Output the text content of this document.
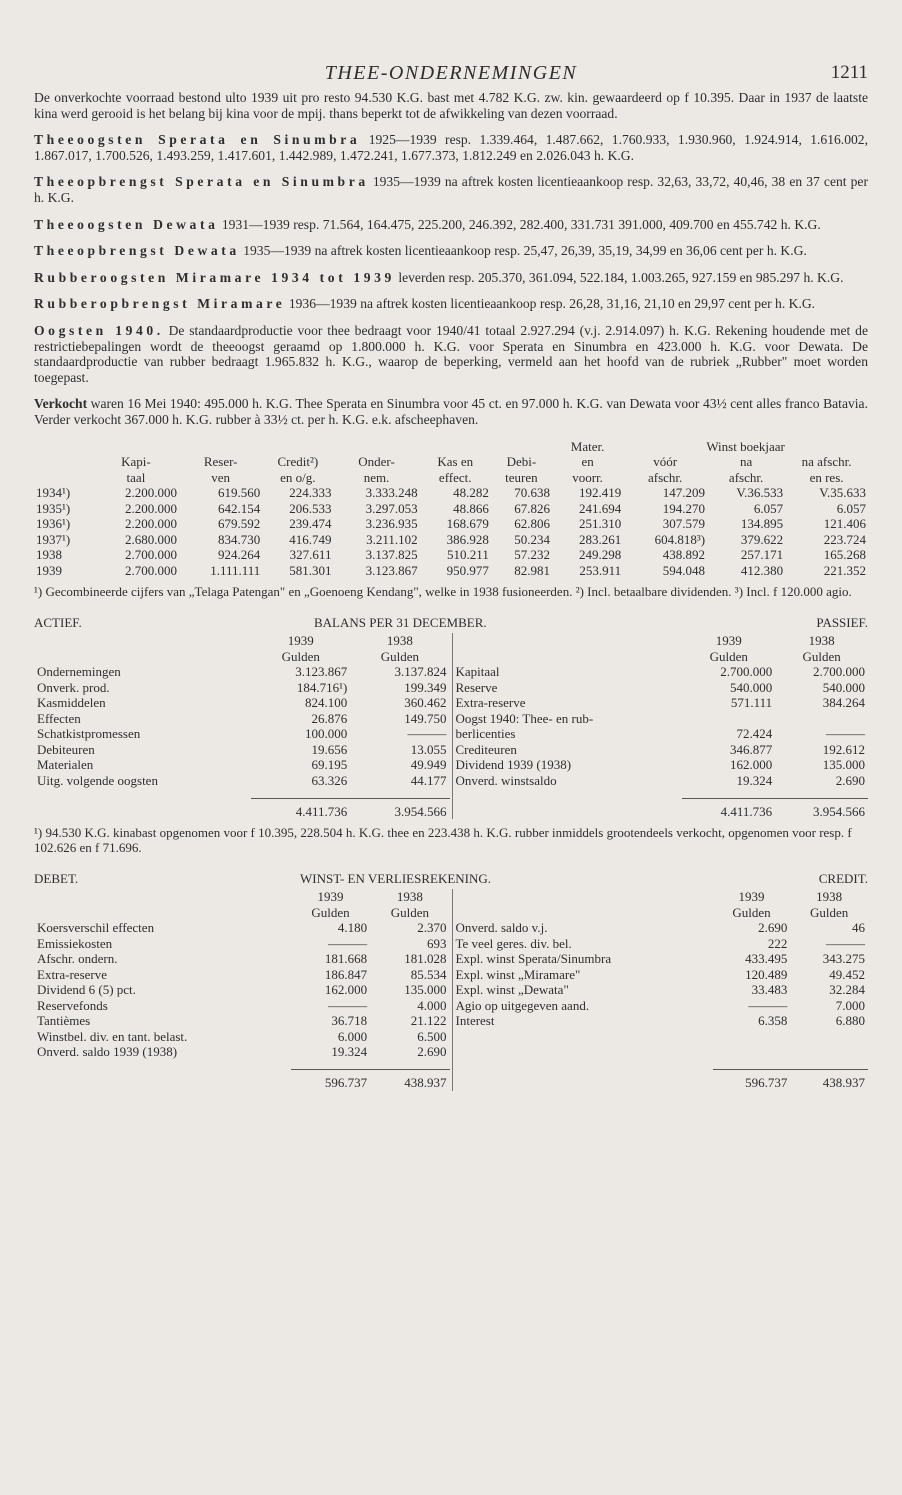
THEE-ONDERNEMINGEN	1211

De onverkochte voorraad bestond ulto 1939 uit pro resto 94.530 K.G. bast met 4.782 K.G. zw. kin. gewaardeerd op f 10.395. Daar in 1937 de laatste kina werd gerooid is het belang bij kina voor de mpij. thans beperkt tot de afwikkeling van dezen voorraad.

Theeoogsten Sperata en Sinumbra 1925—1939 resp. 1.339.464, 1.487.662, 1.760.933, 1.930.960, 1.924.914, 1.616.002, 1.867.017, 1.700.526, 1.493.259, 1.417.601, 1.442.989, 1.472.241, 1.677.373, 1.812.249 en 2.026.043 h. K.G.

Theeopbrengst Sperata en Sinumbra 1935—1939 na aftrek kosten licentieaankoop resp. 32,63, 33,72, 40,46, 38 en 37 cent per h. K.G.

Theeoogsten Dewata 1931—1939 resp. 71.564, 164.475, 225.200, 246.392, 282.400, 331.731 391.000, 409.700 en 455.742 h. K.G.

Theeopbrengst Dewata 1935—1939 na aftrek kosten licentieaankoop resp. 25,47, 26,39, 35,19, 34,99 en 36,06 cent per h. K.G.

Rubberoogsten Miramare 1934 tot 1939 leverden resp. 205.370, 361.094, 522.184, 1.003.265, 927.159 en 985.297 h. K.G.

Rubberopbrengst Miramare 1936—1939 na aftrek kosten licentieaankoop resp. 26,28, 31,16, 21,10 en 29,97 cent per h. K.G.

Oogsten 1940. De standaardproductie voor thee bedraagt voor 1940/41 totaal 2.927.294 (v.j. 2.914.097) h. K.G. Rekening houdende met de restrictiebepalingen wordt de theeoogst geraamd op 1.800.000 h. K.G. voor Sperata en Sinumbra en 423.000 h. K.G. voor Dewata. De standaardproductie van rubber bedraagt 1.965.832 h. K.G., waarop de beperking, vermeld aan het hoofd van de rubriek „Rubber" moet worden toegepast.

Verkocht waren 16 Mei 1940: 495.000 h. K.G. Thee Sperata en Sinumbra voor 45 ct. en 97.000 h. K.G. van Dewata voor 43½ cent alles franco Batavia. Verder verkocht 367.000 h. K.G. rubber à 33½ ct. per h. K.G. e.k. afscheephaven.

							Mater.	Winst boekjaar		
	Kapi-	Reser-	Credit²)	Onder-	Kas en	Debi-	en	vóór	na	na afschr.
	taal	ven	en o/g.	nem.	effect.	teuren	voorr.	afschr.	afschr.	en res.
1934¹)	2.200.000	619.560	224.333	3.333.248	48.282	70.638	192.419	147.209	V.36.533	V.35.633
1935¹)	2.200.000	642.154	206.533	3.297.053	48.866	67.826	241.694	194.270	6.057	6.057
1936¹)	2.200.000	679.592	239.474	3.236.935	168.679	62.806	251.310	307.579	134.895	121.406
1937¹)	2.680.000	834.730	416.749	3.211.102	386.928	50.234	283.261	604.818³)	379.622	223.724
1938	2.700.000	924.264	327.611	3.137.825	510.211	57.232	249.298	438.892	257.171	165.268
1939	2.700.000	1.111.111	581.301	3.123.867	950.977	82.981	253.911	594.048	412.380	221.352
¹) Gecombineerde cijfers van „Telaga Patengan" en „Goenoeng Kendang", welke in 1938 fusioneerden. ²) Incl. betaalbare dividenden. ³) Incl. f 120.000 agio.
ACTIEF.	BALANS PER 31 DECEMBER.	PASSIEF.
	1939	1938
	Gulden	Gulden
Ondernemingen	3.123.867	3.137.824
Onverk. prod.	184.716¹)	199.349
Kasmiddelen	824.100	360.462
Effecten	26.876	149.750
Schatkistpromessen	100.000	———
Debiteuren	19.656	13.055
Materialen	69.195	49.949
Uitg. volgende oogsten	63.326	44.177

	4.411.736	3.954.566
	1939	1938
	Gulden	Gulden
Kapitaal	2.700.000	2.700.000
Reserve	540.000	540.000
Extra-reserve	571.111	384.264
Oogst 1940: Thee- en rub-		
berlicenties	72.424	———
Crediteuren	346.877	192.612
Dividend 1939 (1938)	162.000	135.000
Onverd. winstsaldo	19.324	2.690

	4.411.736	3.954.566
¹) 94.530 K.G. kinabast opgenomen voor f 10.395, 228.504 h. K.G. thee en 223.438 h. K.G. rubber inmiddels grootendeels verkocht, opgenomen voor resp. f 102.626 en f 71.696.
DEBET.	WINST- EN VERLIESREKENING.	CREDIT.
	1939	1938
	Gulden	Gulden
Koersverschil effecten	4.180	2.370
Emissiekosten	———	693
Afschr. ondern.	181.668	181.028
Extra-reserve	186.847	85.534
Dividend 6 (5) pct.	162.000	135.000
Reservefonds	———	4.000
Tantièmes	36.718	21.122
Winstbel. div. en tant. belast.	6.000	6.500
Onverd. saldo 1939 (1938)	19.324	2.690

	596.737	438.937
	1939	1938
	Gulden	Gulden
Onverd. saldo v.j.	2.690	46
Te veel geres. div. bel.	222	———
Expl. winst Sperata/Sinumbra	433.495	343.275
Expl. winst „Miramare"	120.489	49.452
Expl. winst „Dewata"	33.483	32.284
Agio op uitgegeven aand.	———	7.000
Interest	6.358	6.880

	596.737	438.937
